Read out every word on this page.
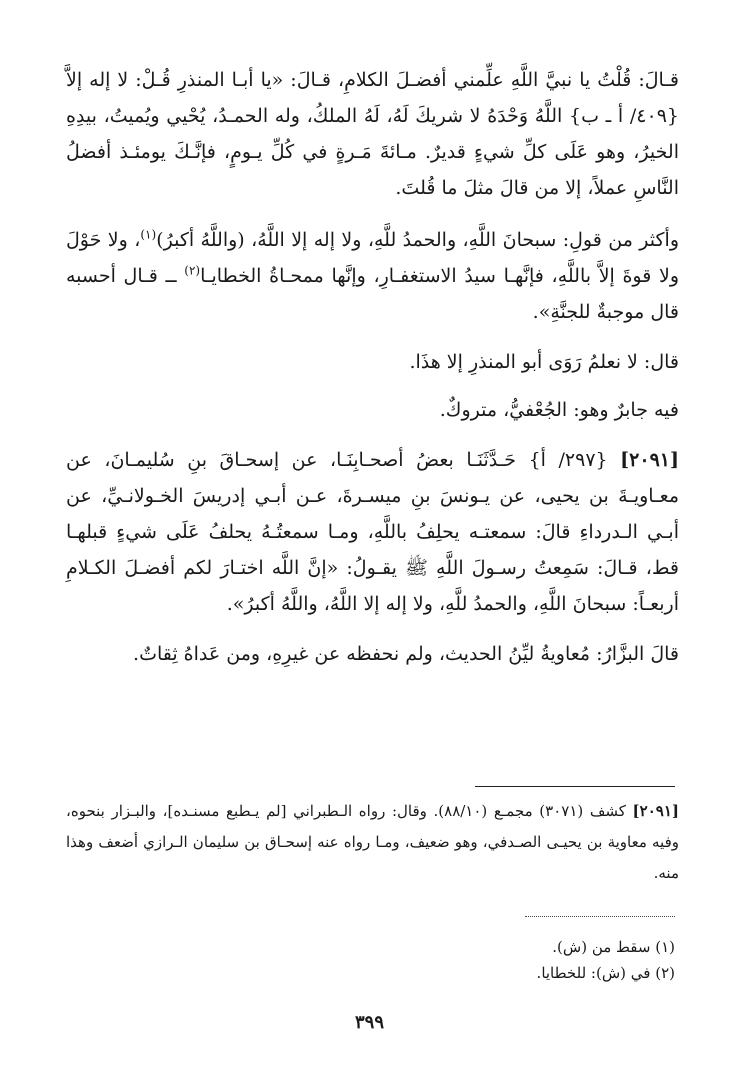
قـالَ: قُلْتُ يا نبيَّ اللَّهِ علِّمني أفضـلَ الكلامِ، قـالَ: «يا أبـا المنذرِ قُـلْ: لا إله إلاَّ {٤٠٩/ أ ـ ب} اللَّهُ وَحْدَهُ لا شريكَ لَهُ، لَهُ الملكُ، وله الحمـدُ، يُحْيي ويُميتُ، بيدِهِ الخيرُ، وهو عَلَى كلِّ شيءٍ قديرٌ. مـائةَ مَـرةٍ في كُلِّ يـومٍ، فإنَّـكَ يومئـذ أفضلُ النَّاسِ عملاً، إلا من قالَ مثلَ ما قُلتَ.

وأكثر من قولِ: سبحانَ اللَّهِ، والحمدُ للَّهِ، ولا إله إلا اللَّهُ، (واللَّهُ أكبرُ)$^{(١)}$، ولا حَوْلَ ولا قوةَ إلاَّ باللَّهِ، فإنَّهـا سيدُ الاستغفـارِ، وإنَّها ممحـاةُ الخطايـا$^{(٢)}$ ــ قـال أحسبه قال موجبةٌ للجنَّةِ».

قال: لا نعلمُ رَوَى أبو المنذرِ إلا هذَا.

فيه جابرٌ وهو: الجُعْفيُّ، متروكٌ.

[٢٠٩١] {٢٩٧/ أ} حَـدَّثَنَـا بعضُ أصحـابِنَـا، عن إسحـاقَ بنِ سُليمـانَ، عن معـاويـةَ بن يحيى، عن يـونسَ بنِ ميسـرةَ، عـن أبـي إدريسَ الخـولانـيِّ، عن أبـي الـدرداءِ قالَ: سمعتـه يحلِفُ باللَّهِ، ومـا سمعتُـهُ يحلفُ عَلَى شيءٍ قبلهـا قط، قـالَ: سَمِعتُ رسـولَ اللَّهِ ﷺ يقـولُ: «إنَّ اللَّه اختـارَ لكم أفضـلَ الكـلامِ أربعـاً: سبحانَ اللَّهِ، والحمدُ للَّهِ، ولا إله إلا اللَّهُ، واللَّهُ أكبرُ».

قالَ البزَّارُ: مُعاويةُ ليِّنُ الحديث، ولم نحفظه عن غيرِهِ، ومن عَداهُ ثِقاتٌ.

[٢٠٩١] كشف (٣٠٧١) مجمـع (٨٨/١٠). وقال: رواه الـطبراني [لم يـطبع مسنـده]، والبـزار بنحوه، وفيه معاوية بن يحيـى الصـدفي، وهو ضعيف، ومـا رواه عنه إسحـاق بن سليمان الـرازي أضعف وهذا منه.

(١) سقط من (ش).
(٢) في (ش): للخطايا.
٣٩٩
